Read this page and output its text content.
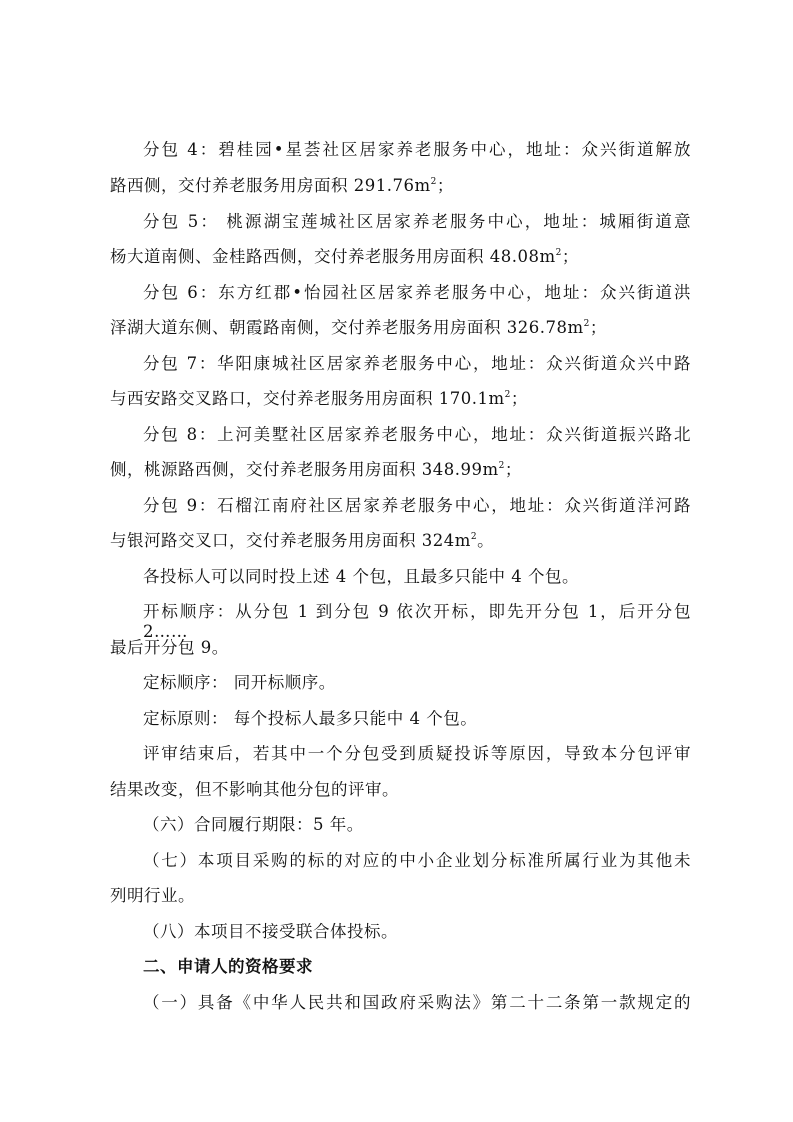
分包 4：碧桂园•星荟社区居家养老服务中心，地址：众兴街道解放
路西侧，交付养老服务用房面积 $291.76m^2$；
分包 5： 桃源湖宝莲城社区居家养老服务中心，地址：城厢街道意
杨大道南侧、金桂路西侧，交付养老服务用房面积 $48.08m^2$；
分包 6：东方红郡•怡园社区居家养老服务中心，地址：众兴街道洪
泽湖大道东侧、朝霞路南侧，交付养老服务用房面积 $326.78m^2$；
分包 7：华阳康城社区居家养老服务中心，地址：众兴街道众兴中路
与西安路交叉路口，交付养老服务用房面积 $170.1m^2$；
分包 8：上河美墅社区居家养老服务中心，地址：众兴街道振兴路北
侧，桃源路西侧，交付养老服务用房面积 $348.99m^2$；
分包 9：石榴江南府社区居家养老服务中心，地址：众兴街道洋河路
与银河路交叉口，交付养老服务用房面积 $324m^2$。
各投标人可以同时投上述 4 个包，且最多只能中 4 个包。
开标顺序：从分包 1 到分包 9 依次开标，即先开分包 1，后开分包 2……
最后开分包 9。
定标顺序： 同开标顺序。
定标原则： 每个投标人最多只能中 4 个包。
评审结束后，若其中一个分包受到质疑投诉等原因，导致本分包评审
结果改变，但不影响其他分包的评审。
（六）合同履行期限：5 年。
（七）本项目采购的标的对应的中小企业划分标准所属行业为其他未
列明行业。
（八）本项目不接受联合体投标。
二、申请人的资格要求
（一）具备《中华人民共和国政府采购法》第二十二条第一款规定的
